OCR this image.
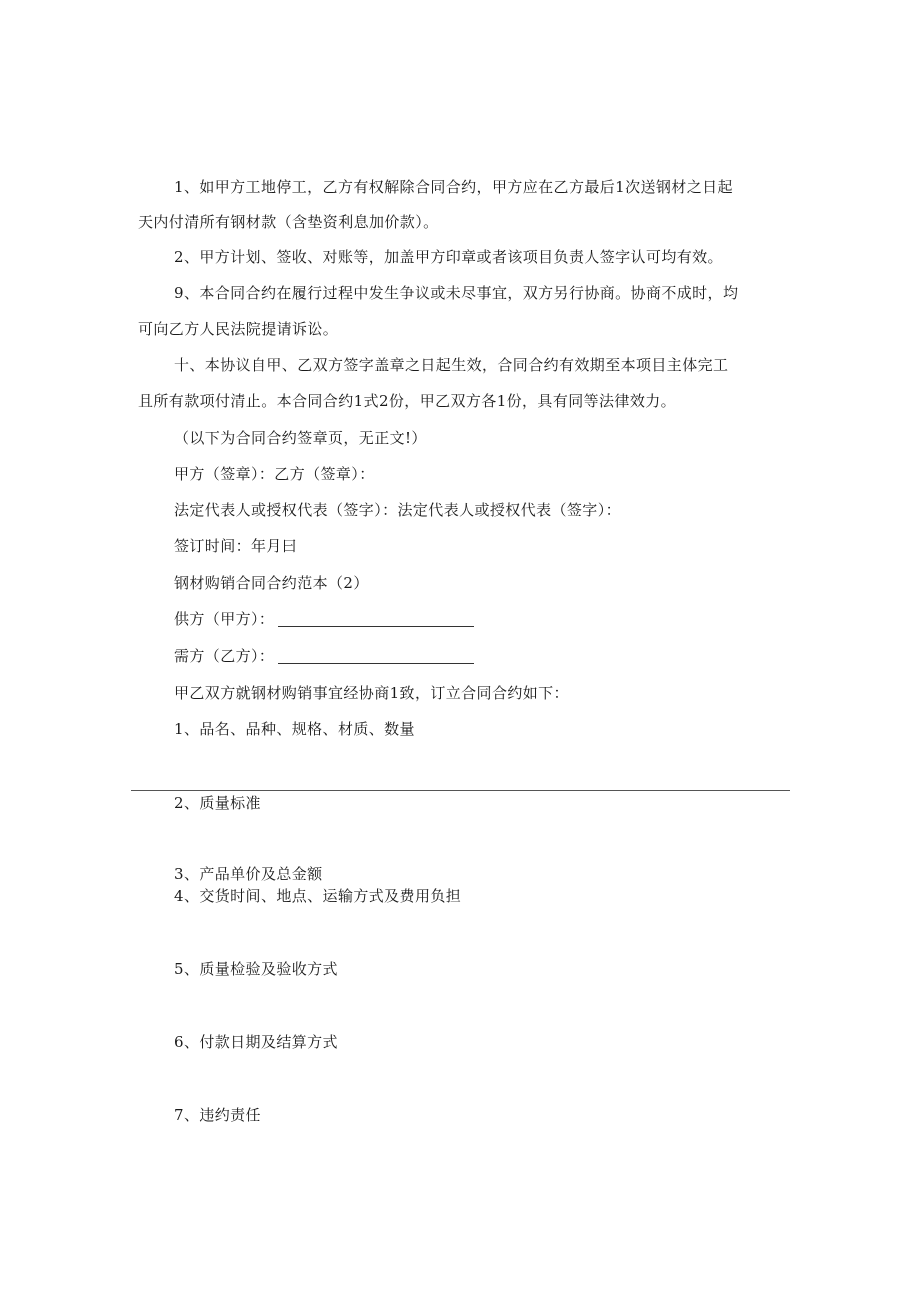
1、如甲方工地停工，乙方有权解除合同合约，甲方应在乙方最后1次送钢材之日起
天内付清所有钢材款（含垫资利息加价款）。
2、甲方计划、签收、对账等，加盖甲方印章或者该项目负责人签字认可均有效。
9、本合同合约在履行过程中发生争议或未尽事宜，双方另行协商。协商不成时，均
可向乙方人民法院提请诉讼。
十、本协议自甲、乙双方签字盖章之日起生效，合同合约有效期至本项目主体完工
且所有款项付清止。本合同合约1式2份，甲乙双方各1份，具有同等法律效力。
（以下为合同合约签章页，无正文!）
甲方（签章）：乙方（签章）：
法定代表人或授权代表（签字）：法定代表人或授权代表（签字）：
签订时间：年月曰
钢材购销合同合约范本（2）
供方（甲方）：
需方（乙方）：
甲乙双方就钢材购销事宜经协商1致，订立合同合约如下：
1、品名、品种、规格、材质、数量
2、质量标准
3、产品单价及总金额
4、交货时间、地点、运输方式及费用负担
5、质量检验及验收方式
6、付款日期及结算方式
7、违约责任
